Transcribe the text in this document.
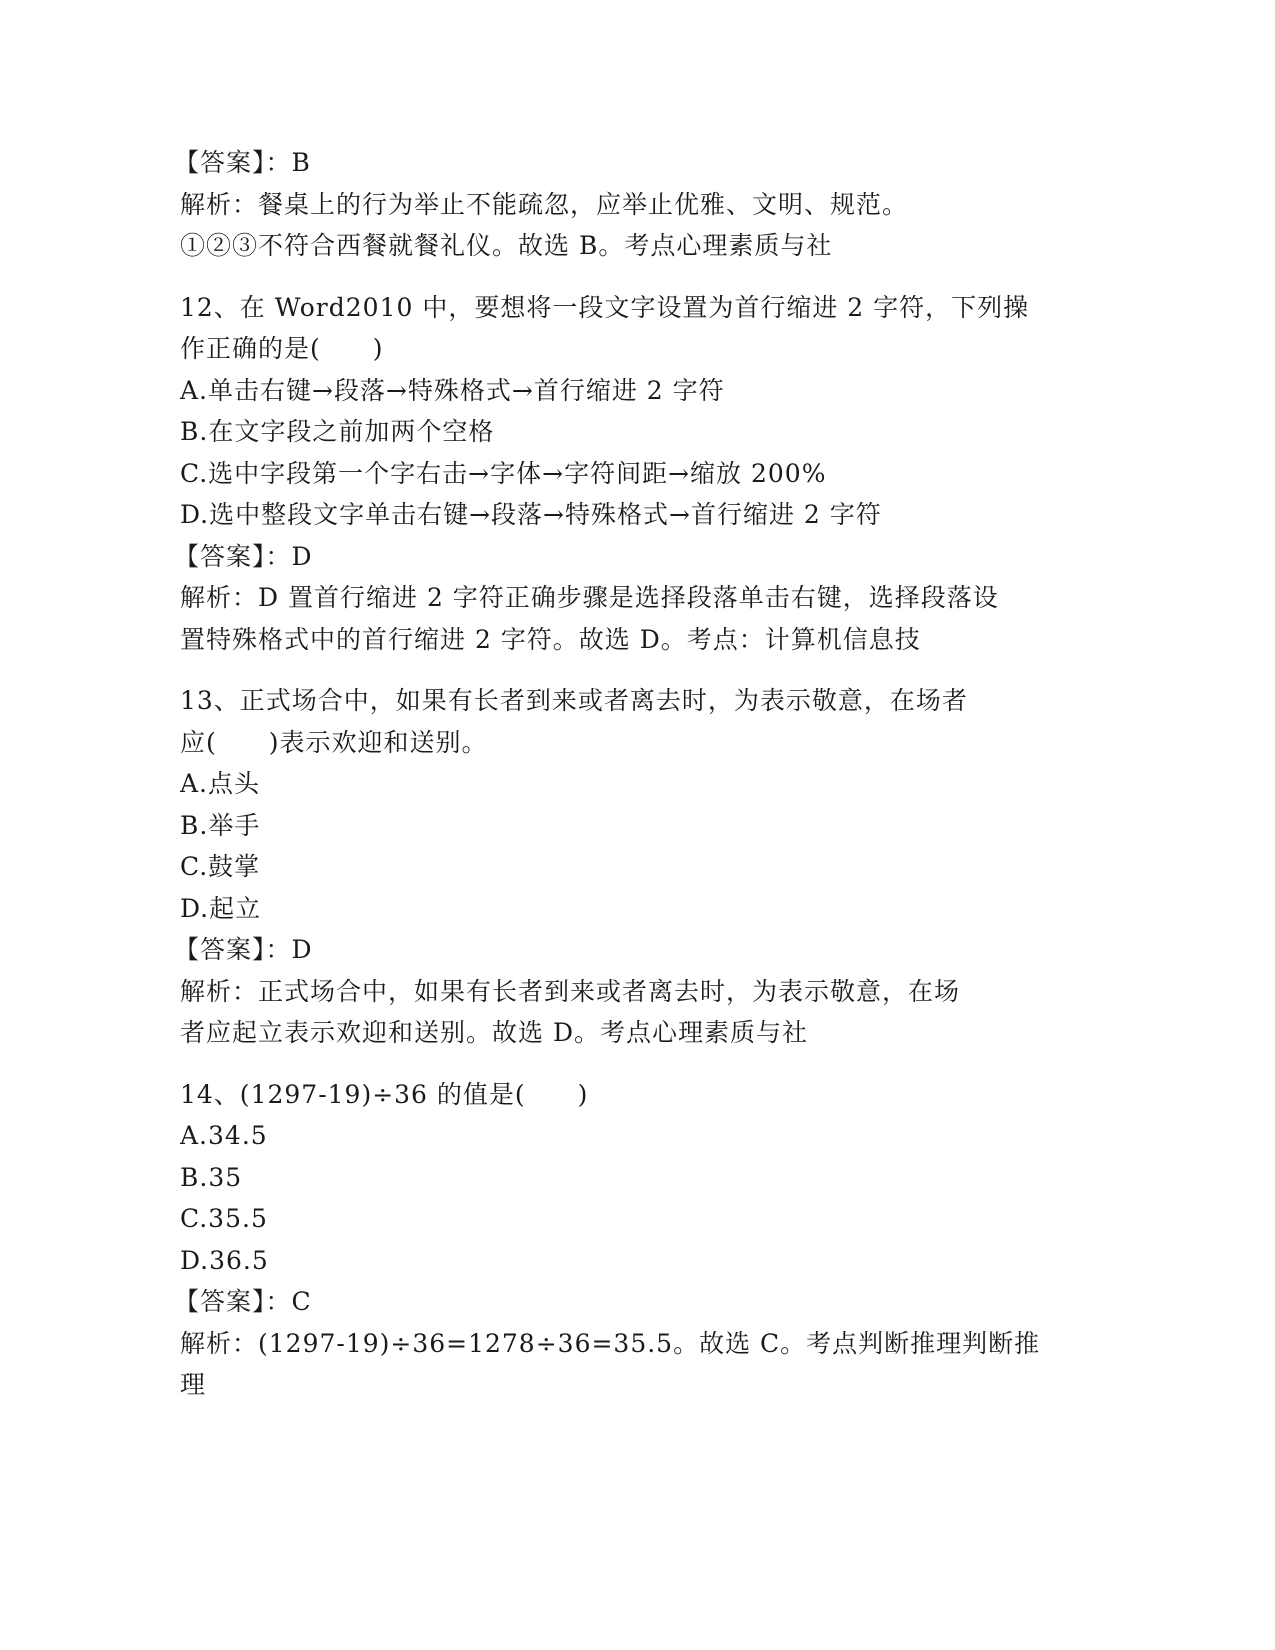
【答案】：B
解析：餐桌上的行为举止不能疏忽，应举止优雅、文明、规范。
①②③不符合西餐就餐礼仪。故选 B。考点心理素质与社
12、在 Word2010 中，要想将一段文字设置为首行缩进 2 字符，下列操
作正确的是(　　)
A.单击右键→段落→特殊格式→首行缩进 2 字符
B.在文字段之前加两个空格
C.选中字段第一个字右击→字体→字符间距→缩放 200%
D.选中整段文字单击右键→段落→特殊格式→首行缩进 2 字符
【答案】：D
解析：D 置首行缩进 2 字符正确步骤是选择段落单击右键，选择段落设
置特殊格式中的首行缩进 2 字符。故选 D。考点：计算机信息技
13、正式场合中，如果有长者到来或者离去时，为表示敬意，在场者
应(　　)表示欢迎和送别。
A.点头
B.举手
C.鼓掌
D.起立
【答案】：D
解析：正式场合中，如果有长者到来或者离去时，为表示敬意，在场
者应起立表示欢迎和送别。故选 D。考点心理素质与社
14、(1297-19)÷36 的值是(　　)
A.34.5
B.35
C.35.5
D.36.5
【答案】：C
解析：(1297-19)÷36=1278÷36=35.5。故选 C。考点判断推理判断推
理
